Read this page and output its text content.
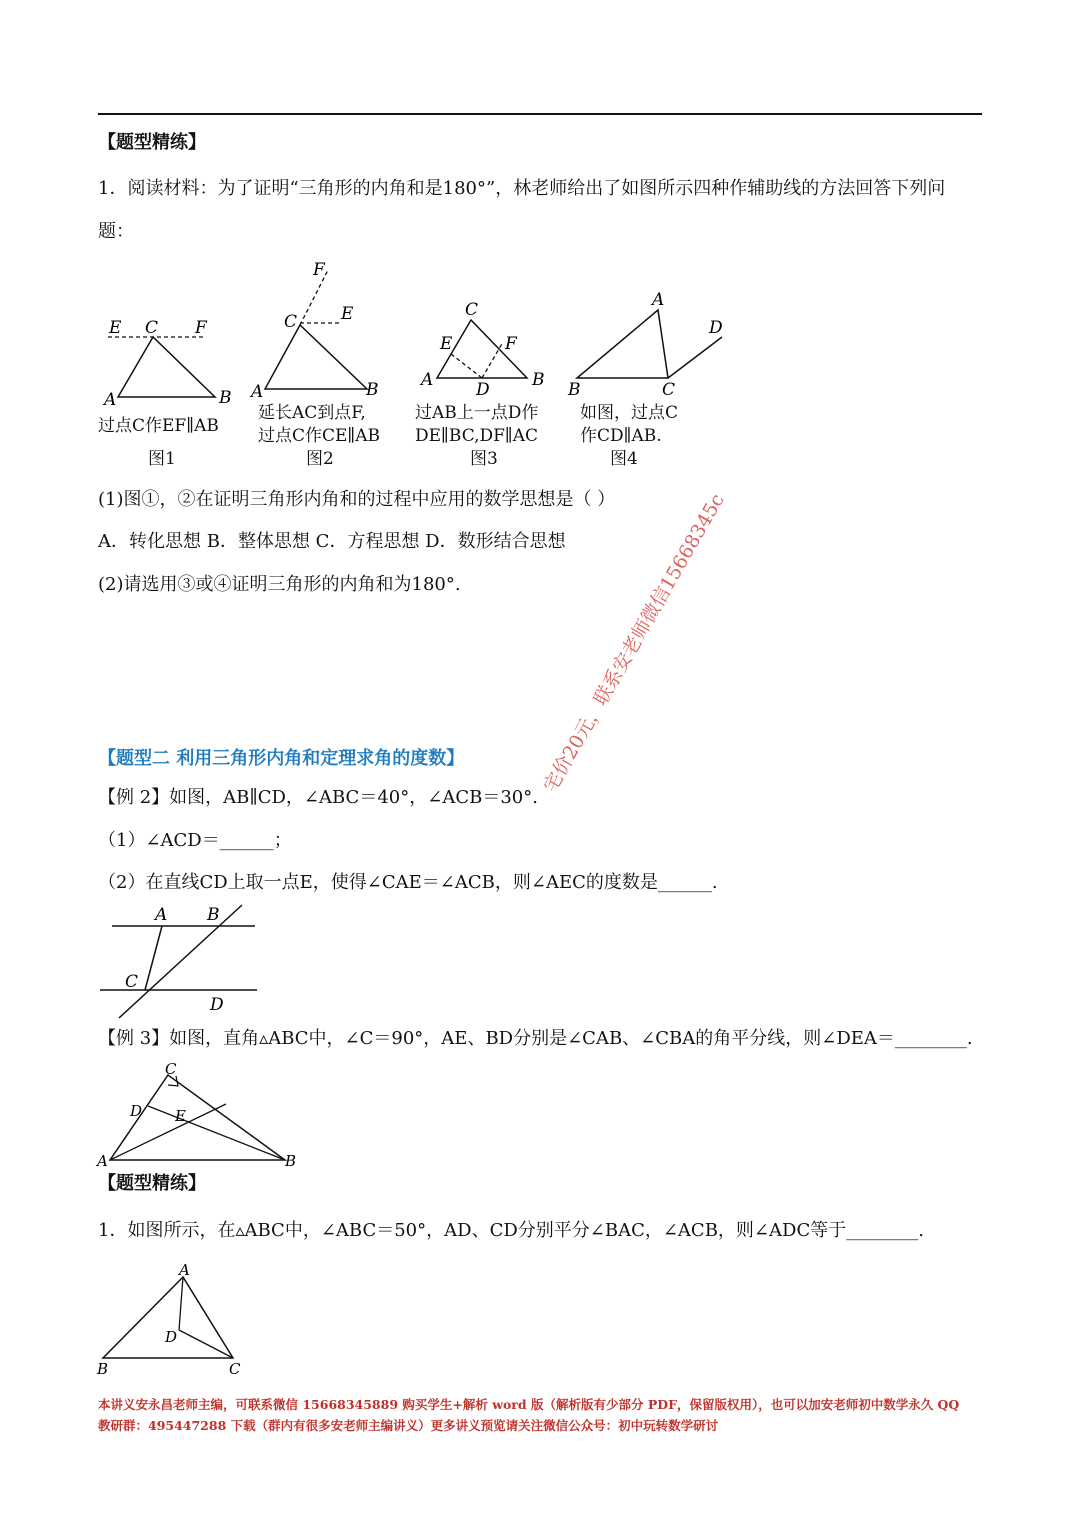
【题型精练】
1．阅读材料：为了证明“三角形的内角和是180°”，林老师给出了如图所示四种作辅助线的方法回答下列问
题：
E C F
A	B
F
C	E
A	B
C
E	F
A	D B
A
D
B	C
过点C作EF∥AB
图1
延长AC到点F,
过点C作CE∥AB
图2
过AB上一点D作
DE∥BC,DF∥AC
图3
如图，过点C
作CD∥AB.
图4
(1)图①，②在证明三角形内角和的过程中应用的数学思想是（ ）
A．转化思想 B．整体思想 C．方程思想 D．数形结合思想
(2)请选用③或④证明三角形的内角和为180°.	宅价20元，联系安老师微信15668345c
【题型二 利用三角形内角和定理求角的度数】
【例 2】如图，AB∥CD，∠ABC＝40°，∠ACB＝30°.
（1）∠ACD＝______；
（2）在直线CD上取一点E，使得∠CAE＝∠ACB，则∠AEC的度数是______.
A B
C
D
【例 3】如图，直角▵ABC中，∠C＝90°，AE、BD分别是∠CAB、∠CBA的角平分线，则∠DEA＝________.
C
D E
A	B
【题型精练】
1．如图所示，在▵ABC中，∠ABC＝50°，AD、CD分别平分∠BAC，∠ACB，则∠ADC等于________.
A
D
B	C
本讲义安永昌老师主编，可联系微信 15668345889 购买学生+解析 word 版（解析版有少部分 PDF，保留版权用），也可以加安老师初中数学永久 QQ
教研群：495447288 下载（群内有很多安老师主编讲义）更多讲义预览请关注微信公众号：初中玩转数学研讨
